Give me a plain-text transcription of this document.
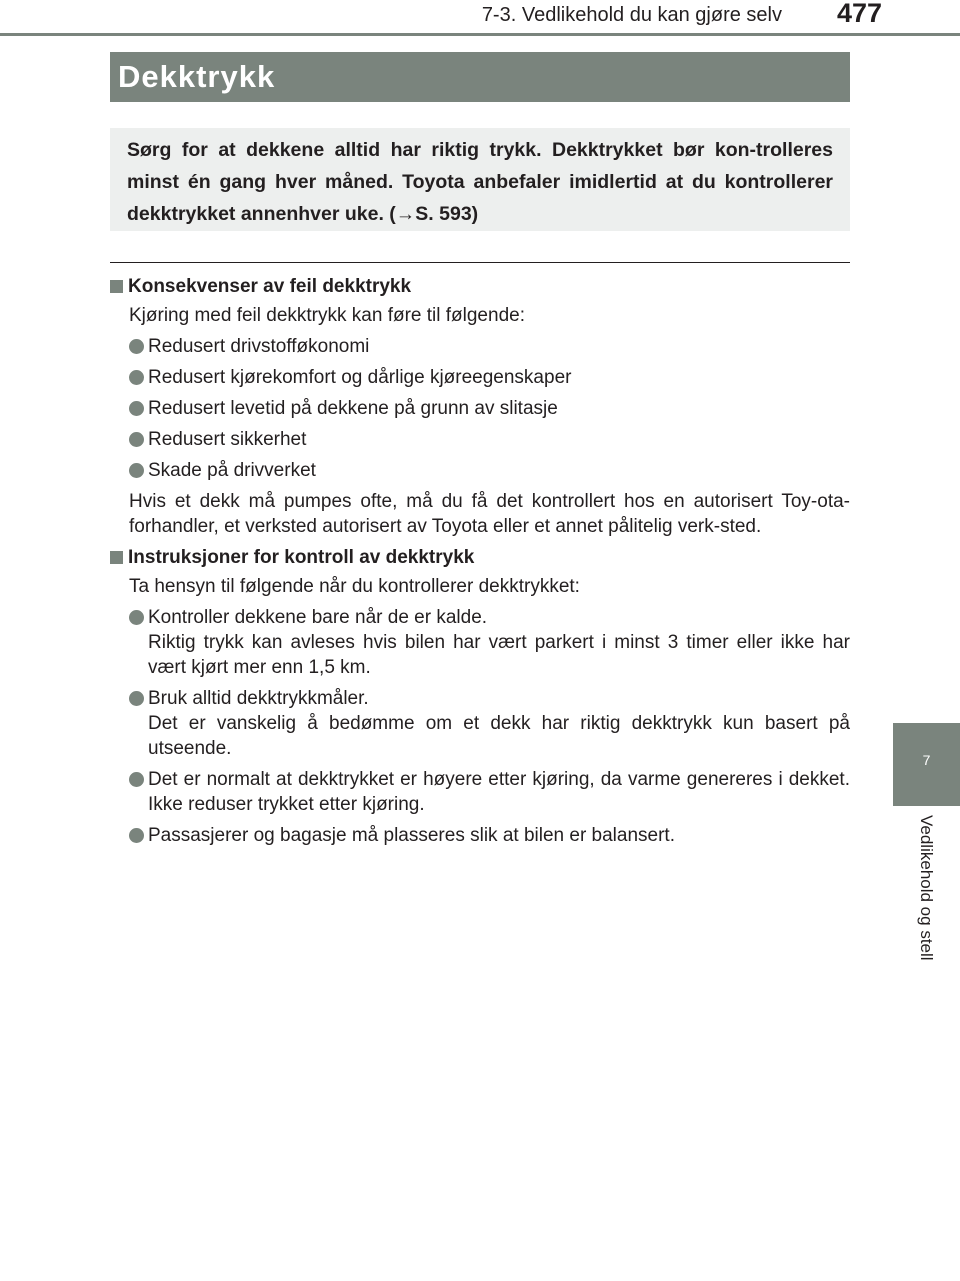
7-3. Vedlikehold du kan gjøre selv	477
7
Vedlikehold og stell
Dekktrykk
Sørg for at dekkene alltid har riktig trykk. Dekktrykket bør kon-trolleres minst én gang hver måned. Toyota anbefaler imidlertid at du kontrollerer dekktrykket annenhver uke. (→S. 593)
Konsekvenser av feil dekktrykk
Kjøring med feil dekktrykk kan føre til følgende:
Redusert drivstofføkonomi
Redusert kjørekomfort og dårlige kjøreegenskaper
Redusert levetid på dekkene på grunn av slitasje
Redusert sikkerhet
Skade på drivverket
Hvis et dekk må pumpes ofte, må du få det kontrollert hos en autorisert Toy-ota-forhandler, et verksted autorisert av Toyota eller et annet pålitelig verk-sted.
Instruksjoner for kontroll av dekktrykk
Ta hensyn til følgende når du kontrollerer dekktrykket:
Kontroller dekkene bare når de er kalde.
Riktig trykk kan avleses hvis bilen har vært parkert i minst 3 timer eller ikke har vært kjørt mer enn 1,5 km.
Bruk alltid dekktrykkmåler.
Det er vanskelig å bedømme om et dekk har riktig dekktrykk kun basert på utseende.
Det er normalt at dekktrykket er høyere etter kjøring, da varme genereres i dekket. Ikke reduser trykket etter kjøring.
Passasjerer og bagasje må plasseres slik at bilen er balansert.
